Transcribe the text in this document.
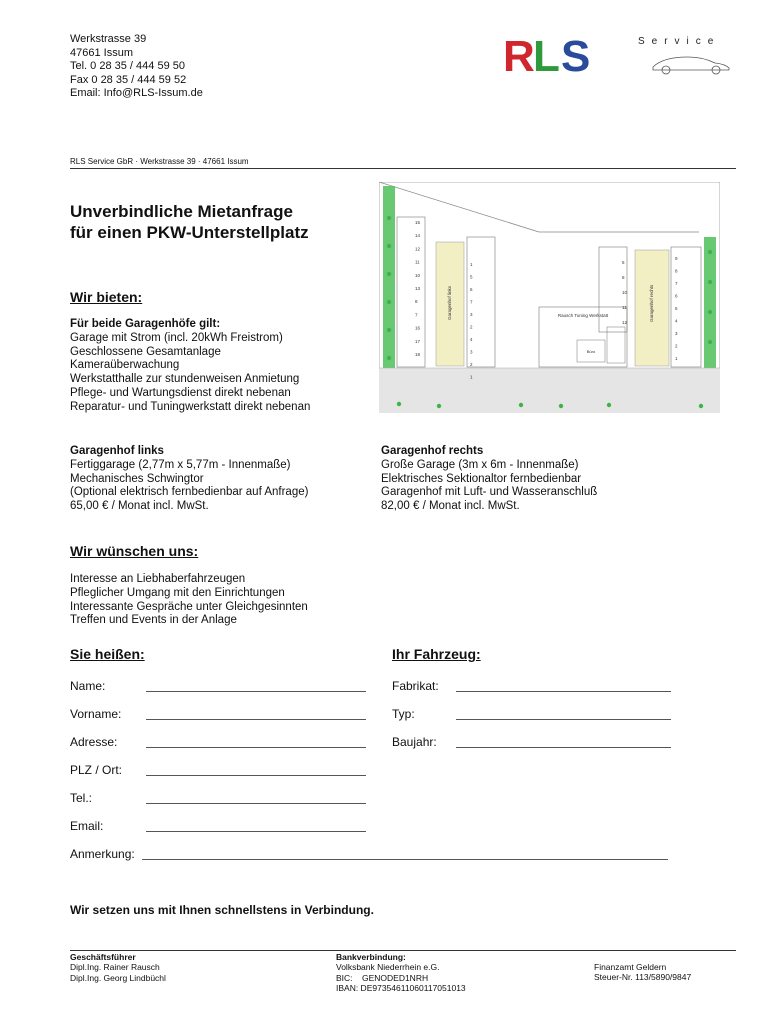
Werkstrasse 39
47661 Issum
Tel. 0 28 35 / 444 59 50
Fax 0 28 35 / 444 59 52
Email: Info@RLS-Issum.de
R
L S	Service
RLS Service GbR · Werkstrasse 39 · 47661 Issum
Unverbindliche Mietanfrage
für einen PKW-Unterstellplatz
Wir bieten:
Für beide Garagenhöfe gilt:
Garage mit Strom (incl. 20kWh Freistrom)
Geschlossene Gesamtanlage
Kameraüberwachung
Werkstatthalle zur stundenweisen Anmietung
Pflege- und Wartungsdienst direkt nebenan
Reparatur- und Tuningwerkstatt direkt nebenan
15
14
12
11
10
13
8
7
16
17
18
1
5
6
7
3
2
4
3
2
1
9
8
7
6
5
4
3
2
1
6
8
10
11
12
Rausch Tuning Werkstatt
Büro
Garagenhof links	Garagenhof rechts
Garagenhof links
Fertiggarage (2,77m x 5,77m - Innenmaße)
Mechanisches Schwingtor
(Optional elektrisch fernbedienbar auf Anfrage)
65,00 € / Monat incl. MwSt.
Garagenhof rechts
Große Garage (3m x 6m - Innenmaße)
Elektrisches Sektionaltor fernbedienbar
Garagenhof mit Luft- und Wasseranschluß
82,00 € / Monat incl. MwSt.
Wir wünschen uns:
Interesse an Liebhaberfahrzeugen
Pfleglicher Umgang mit den Einrichtungen
Interessante Gespräche unter Gleichgesinnten
Treffen und Events in der Anlage
Sie heißen:	Ihr Fahrzeug:
Name:
Vorname:
Adresse:
PLZ / Ort:
Tel.:
Email:
Fabrikat:
Typ:
Baujahr:
Anmerkung:
Wir setzen uns mit Ihnen schnellstens in Verbindung.
Geschäftsführer
Dipl.Ing. Rainer Rausch
Dipl.Ing. Georg Lindbüchl
Bankverbindung:
Volksbank Niederrhein e.G.
BIC:    GENODED1NRH
IBAN: DE97354611060117051013
Finanzamt Geldern
Steuer-Nr. 113/5890/9847
